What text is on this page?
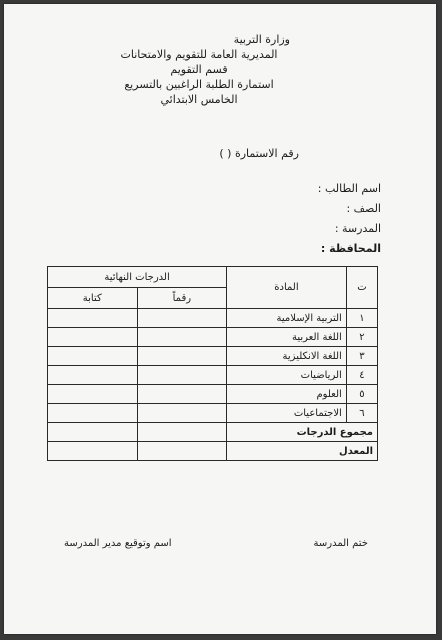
وزارة التربية
المديرية العامة للتقويم والامتحانات
قسم التقويم
استمارة الطلبة الراغبين بالتسريع
الخامس الابتدائي
رقم الاستمارة ( )
اسم الطالب :
الصف :
المدرسة :
المحافظة :
ت	المادة	الدرجات النهائية	
		رقماً	كتابة
١	التربية الإسلامية		
٢	اللغة العربية		
٣	اللغة الانكليزية		
٤	الرياضيات		
٥	العلوم		
٦	الاجتماعيات		
مجموع الدرجات			
المعدل			
ختم المدرسة
اسم وتوقيع مدير المدرسة
